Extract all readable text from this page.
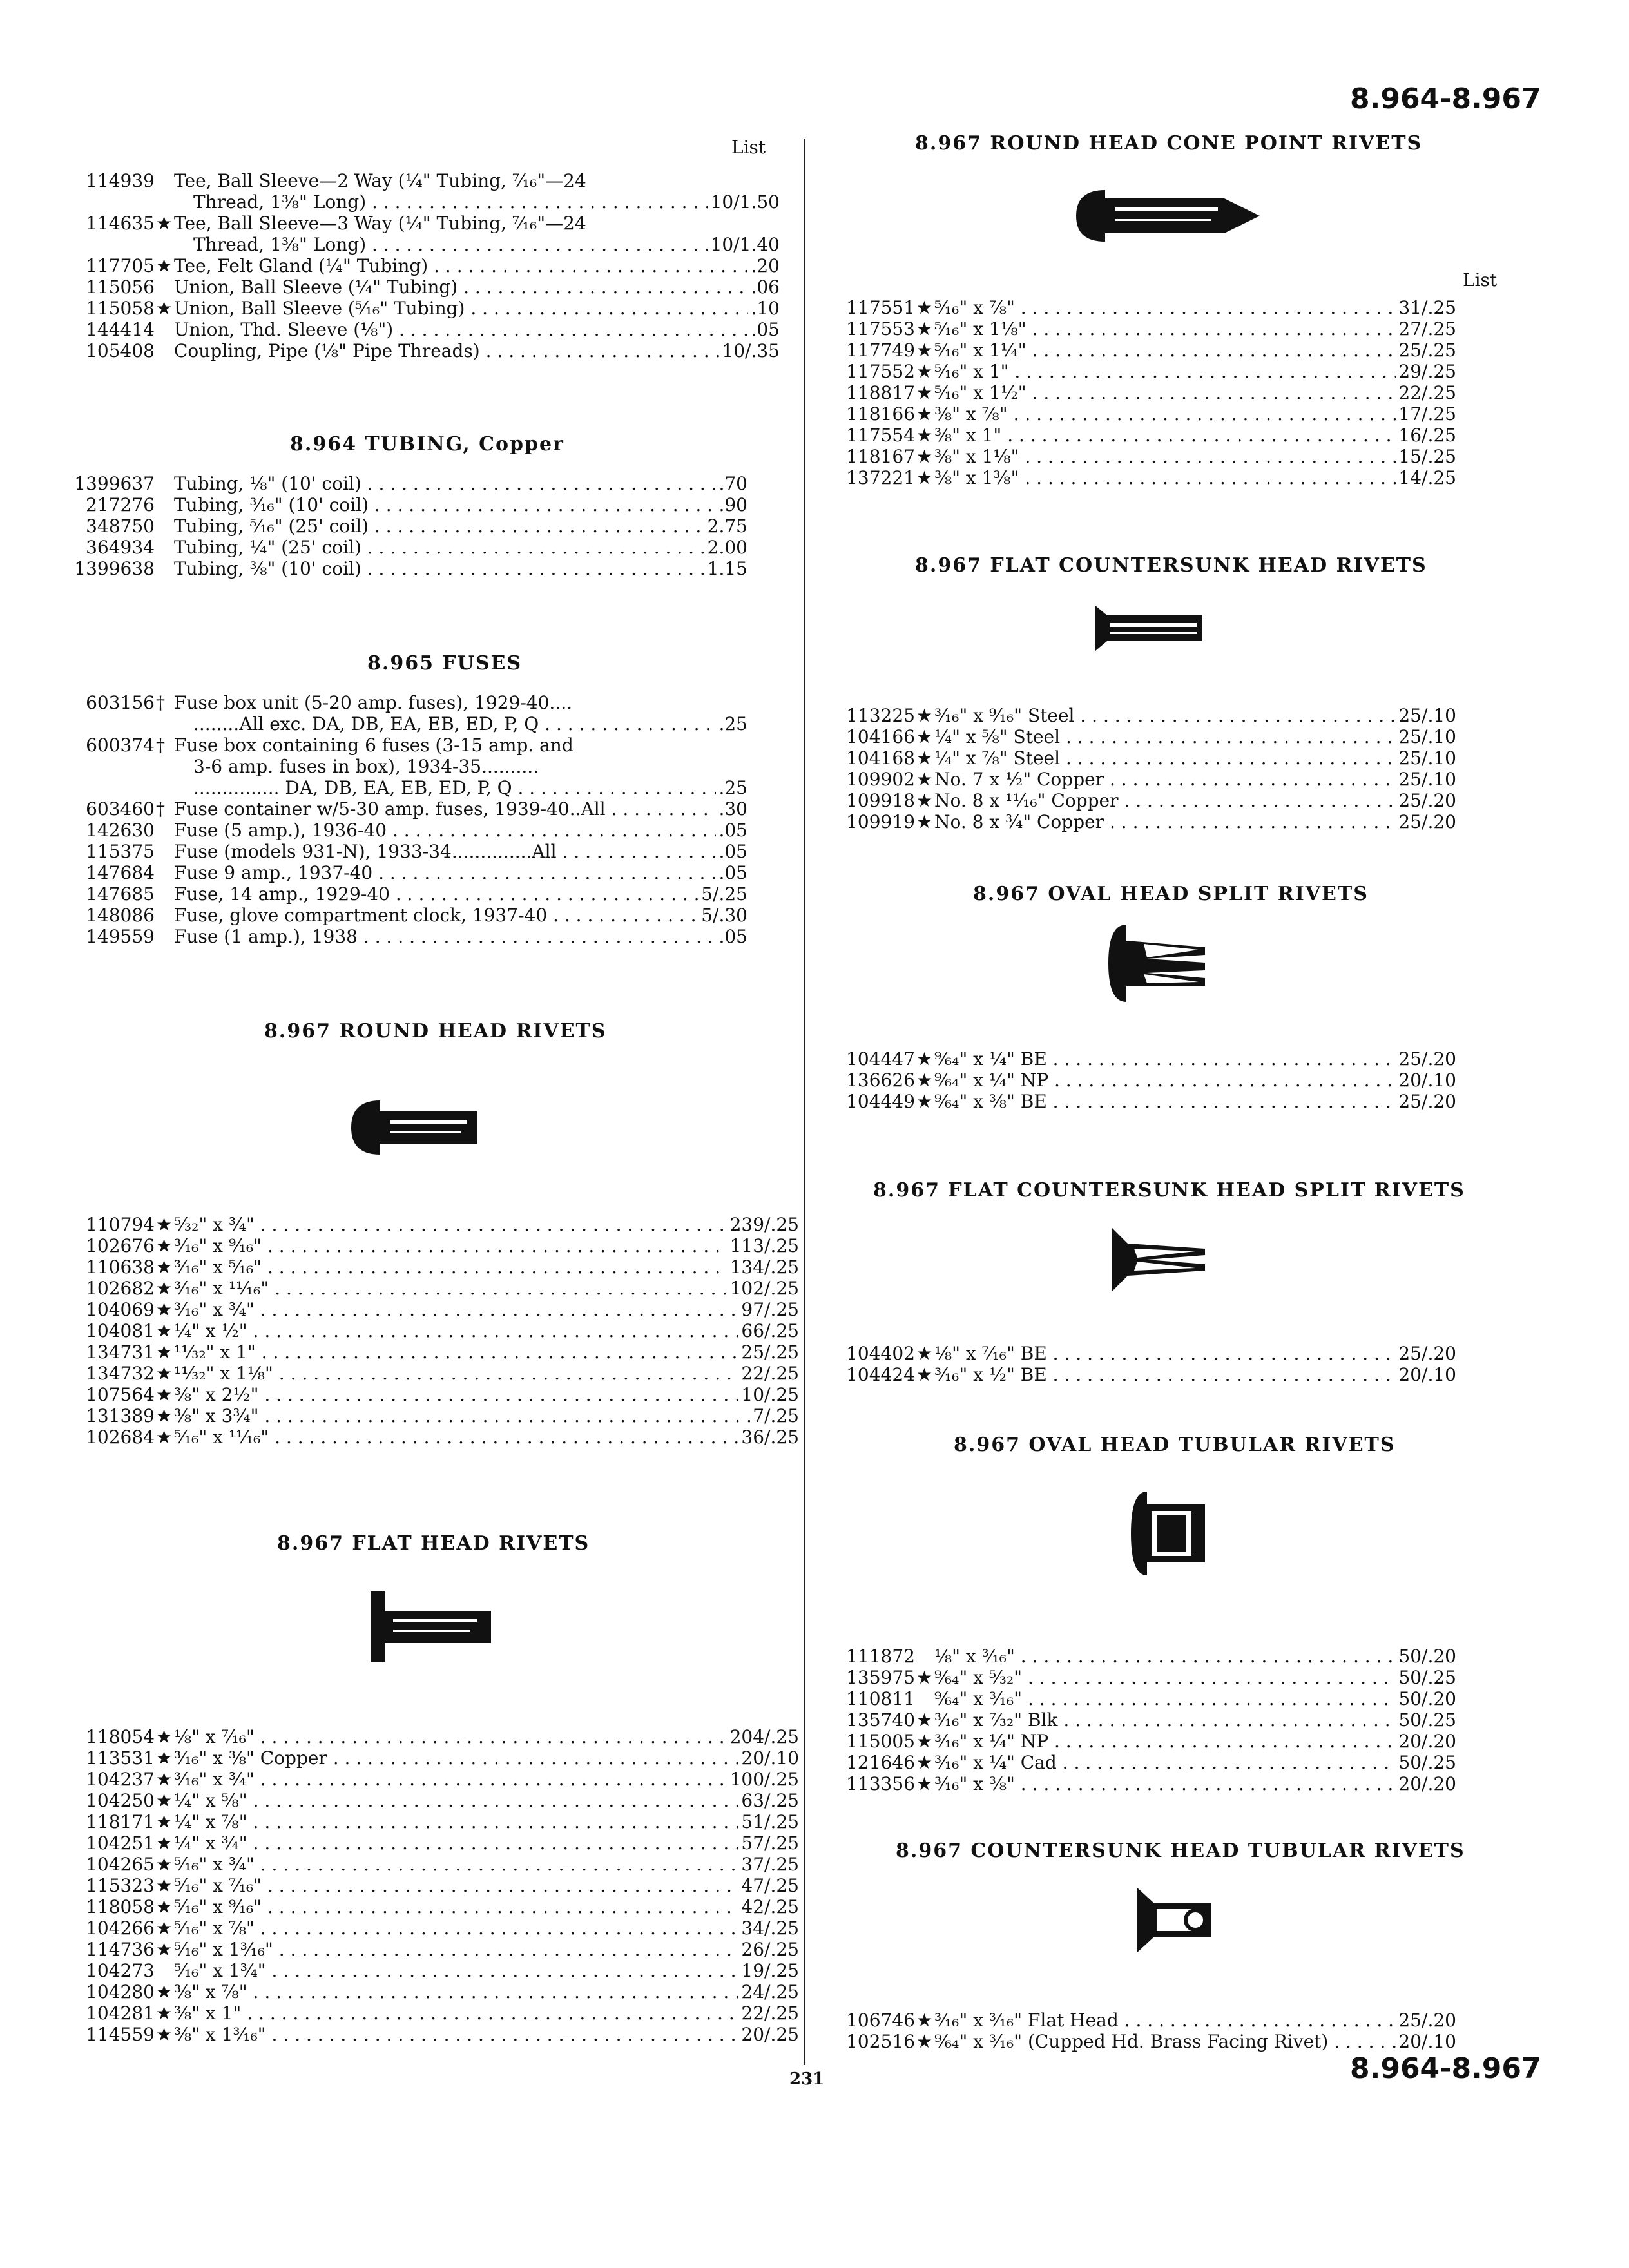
8.964-8.967
231	8.964-8.967
List
List
8.964 TUBING, Copper
8.965 FUSES
8.967 ROUND HEAD RIVETS
8.967 FLAT HEAD RIVETS
8.967 ROUND HEAD CONE POINT RIVETS
8.967 FLAT COUNTERSUNK HEAD RIVETS
8.967 OVAL HEAD SPLIT RIVETS
8.967 FLAT COUNTERSUNK HEAD SPLIT RIVETS
8.967 OVAL HEAD TUBULAR RIVETS
8.967 COUNTERSUNK HEAD TUBULAR RIVETS
114939 Tee, Ball Sleeve—2 Way (¼" Tubing, ⁷⁄₁₆"—24
Thread, 1⅜" Long) . . .	10/1.50
114635 ★ Tee, Ball Sleeve—3 Way (¼" Tubing, ⁷⁄₁₆"—24
Thread, 1⅜" Long) . . .	10/1.40
117705 ★ Tee, Felt Gland (¼" Tubing) . . .	.20
115056 Union, Ball Sleeve (¼" Tubing) . . .	.06
115058 ★ Union, Ball Sleeve (⁵⁄₁₆" Tubing) . . .	.10
144414 Union, Thd. Sleeve (⅛") . . .	.05
105408 Coupling, Pipe (⅛" Pipe Threads) . . .	10/.35
1399637 Tubing, ⅛" (10' coil) . . .	.70
217276 Tubing, ³⁄₁₆" (10' coil) . . .	.90
348750 Tubing, ⁵⁄₁₆" (25' coil) . . .	2.75
364934 Tubing, ¼" (25' coil) . . .	2.00
1399638 Tubing, ⅜" (10' coil) . . .	1.15
603156 † Fuse box unit (5-20 amp. fuses), 1929-40....
........All exc. DA, DB, EA, EB, ED, P, Q . . .	.25
600374 † Fuse box containing 6 fuses (3-15 amp. and
3-6 amp. fuses in box), 1934-35..........
............... DA, DB, EA, EB, ED, P, Q . . .	.25
603460 † Fuse container w/5-30 amp. fuses, 1939-40..All . . .	.30
142630 Fuse (5 amp.), 1936-40 . . .	.05
115375 Fuse (models 931-N), 1933-34..............All . . .	.05
147684 Fuse 9 amp., 1937-40 . . .	.05
147685 Fuse, 14 amp., 1929-40 . . .	5/.25
148086 Fuse, glove compartment clock, 1937-40 . . .	5/.30
149559 Fuse (1 amp.), 1938 . . .	.05
110794 ★ ⁵⁄₃₂" x ¾" . . .	239/.25
102676 ★ ³⁄₁₆" x ⁹⁄₁₆" . . .	113/.25
110638 ★ ³⁄₁₆" x ⁵⁄₁₆" . . .	134/.25
102682 ★ ³⁄₁₆" x ¹¹⁄₁₆" . . .	102/.25
104069 ★ ³⁄₁₆" x ¾" . . .	97/.25
104081 ★ ¼" x ½" . . .	66/.25
134731 ★ ¹¹⁄₃₂" x 1" . . .	25/.25
134732 ★ ¹¹⁄₃₂" x 1⅛" . . .	22/.25
107564 ★ ⅜" x 2½" . . .	10/.25
131389 ★ ⅜" x 3¾" . . .	7/.25
102684 ★ ⁵⁄₁₆" x ¹¹⁄₁₆" . . .	36/.25
118054 ★ ⅛" x ⁷⁄₁₆" . . .	204/.25
113531 ★ ³⁄₁₆" x ⅜" Copper . . .	20/.10
104237 ★ ³⁄₁₆" x ¾" . . .	100/.25
104250 ★ ¼" x ⅝" . . .	63/.25
118171 ★ ¼" x ⅞" . . .	51/.25
104251 ★ ¼" x ¾" . . .	57/.25
104265 ★ ⁵⁄₁₆" x ¾" . . .	37/.25
115323 ★ ⁵⁄₁₆" x ⁷⁄₁₆" . . .	47/.25
118058 ★ ⁵⁄₁₆" x ⁹⁄₁₆" . . .	42/.25
104266 ★ ⁵⁄₁₆" x ⅞" . . .	34/.25
114736 ★ ⁵⁄₁₆" x 1³⁄₁₆" . . .	26/.25
104273 ⁵⁄₁₆" x 1¾" . . .	19/.25
104280 ★ ⅜" x ⅞" . . .	24/.25
104281 ★ ⅜" x 1" . . .	22/.25
114559 ★ ⅜" x 1³⁄₁₆" . . .	20/.25
117551 ★ ⁵⁄₁₆" x ⅞" . . .	31/.25
117553 ★ ⁵⁄₁₆" x 1⅛" . . .	27/.25
117749 ★ ⁵⁄₁₆" x 1¼" . . .	25/.25
117552 ★ ⁵⁄₁₆" x 1" . . .	29/.25
118817 ★ ⁵⁄₁₆" x 1½" . . .	22/.25
118166 ★ ⅜" x ⅞" . . .	17/.25
117554 ★ ⅜" x 1" . . .	16/.25
118167 ★ ⅜" x 1⅛" . . .	15/.25
137221 ★ ⅜" x 1⅜" . . .	14/.25
113225 ★ ³⁄₁₆" x ⁹⁄₁₆" Steel . . .	25/.10
104166 ★ ¼" x ⅝" Steel . . .	25/.10
104168 ★ ¼" x ⅞" Steel . . .	25/.10
109902 ★ No. 7 x ½" Copper . . .	25/.10
109918 ★ No. 8 x ¹¹⁄₁₆" Copper . . .	25/.20
109919 ★ No. 8 x ¾" Copper . . .	25/.20
104447 ★ ⁹⁄₆₄" x ¼" BE . . .	25/.20
136626 ★ ⁹⁄₆₄" x ¼" NP . . .	20/.10
104449 ★ ⁹⁄₆₄" x ⅜" BE . . .	25/.20
104402 ★ ⅛" x ⁷⁄₁₆" BE . . .	25/.20
104424 ★ ³⁄₁₆" x ½" BE . . .	20/.10
111872 ⅛" x ³⁄₁₆" . . .	50/.20
135975 ★ ⁹⁄₆₄" x ⁵⁄₃₂" . . .	50/.25
110811 ⁹⁄₆₄" x ³⁄₁₆" . . .	50/.20
135740 ★ ³⁄₁₆" x ⁷⁄₃₂" Blk . . .	50/.25
115005 ★ ³⁄₁₆" x ¼" NP . . .	20/.20
121646 ★ ³⁄₁₆" x ¼" Cad . . .	50/.25
113356 ★ ³⁄₁₆" x ⅜" . . .	20/.20
106746 ★ ³⁄₁₆" x ³⁄₁₆" Flat Head . . .	25/.20
102516 ★ ⁹⁄₆₄" x ³⁄₁₆" (Cupped Hd. Brass Facing Rivet) . . .	20/.10
